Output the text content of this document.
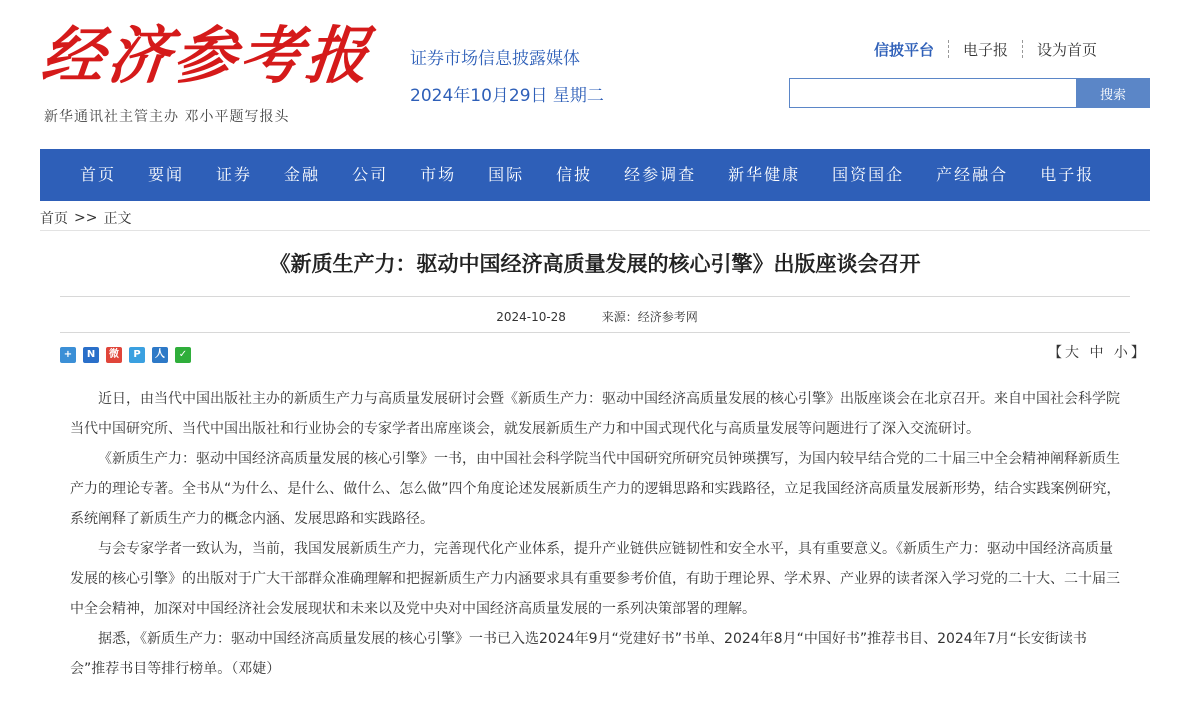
经济参考报
新华通讯社主管主办 邓小平题写报头
证券市场信息披露媒体
2024年10月29日 星期二
信披平台	电子报	设为首页
搜索
首页	要闻	证券	金融	公司	市场	国际	信披	经参调查	新华健康	国资国企	产经融合	电子报
首页 >> 正文
《新质生产力：驱动中国经济高质量发展的核心引擎》出版座谈会召开
2024-10-28	来源：经济参考网
+	N	微	P	人	✓	【 大 中 小 】

近日，由当代中国出版社主办的新质生产力与高质量发展研讨会暨《新质生产力：驱动中国经济高质量发展的核心引擎》出版座谈会在北京召开。来自中国社会科学院当代中国研究所、当代中国出版社和行业协会的专家学者出席座谈会，就发展新质生产力和中国式现代化与高质量发展等问题进行了深入交流研讨。

《新质生产力：驱动中国经济高质量发展的核心引擎》一书，由中国社会科学院当代中国研究所研究员钟瑛撰写，为国内较早结合党的二十届三中全会精神阐释新质生产力的理论专著。全书从“为什么、是什么、做什么、怎么做”四个角度论述发展新质生产力的逻辑思路和实践路径，立足我国经济高质量发展新形势，结合实践案例研究，系统阐释了新质生产力的概念内涵、发展思路和实践路径。

与会专家学者一致认为，当前，我国发展新质生产力，完善现代化产业体系，提升产业链供应链韧性和安全水平，具有重要意义。《新质生产力：驱动中国经济高质量发展的核心引擎》的出版对于广大干部群众准确理解和把握新质生产力内涵要求具有重要参考价值，有助于理论界、学术界、产业界的读者深入学习党的二十大、二十届三中全会精神，加深对中国经济社会发展现状和未来以及党中央对中国经济高质量发展的一系列决策部署的理解。

据悉，《新质生产力：驱动中国经济高质量发展的核心引擎》一书已入选2024年9月“党建好书”书单、2024年8月“中国好书”推荐书目、2024年7月“长安街读书会”推荐书目等排行榜单。（邓婕）
